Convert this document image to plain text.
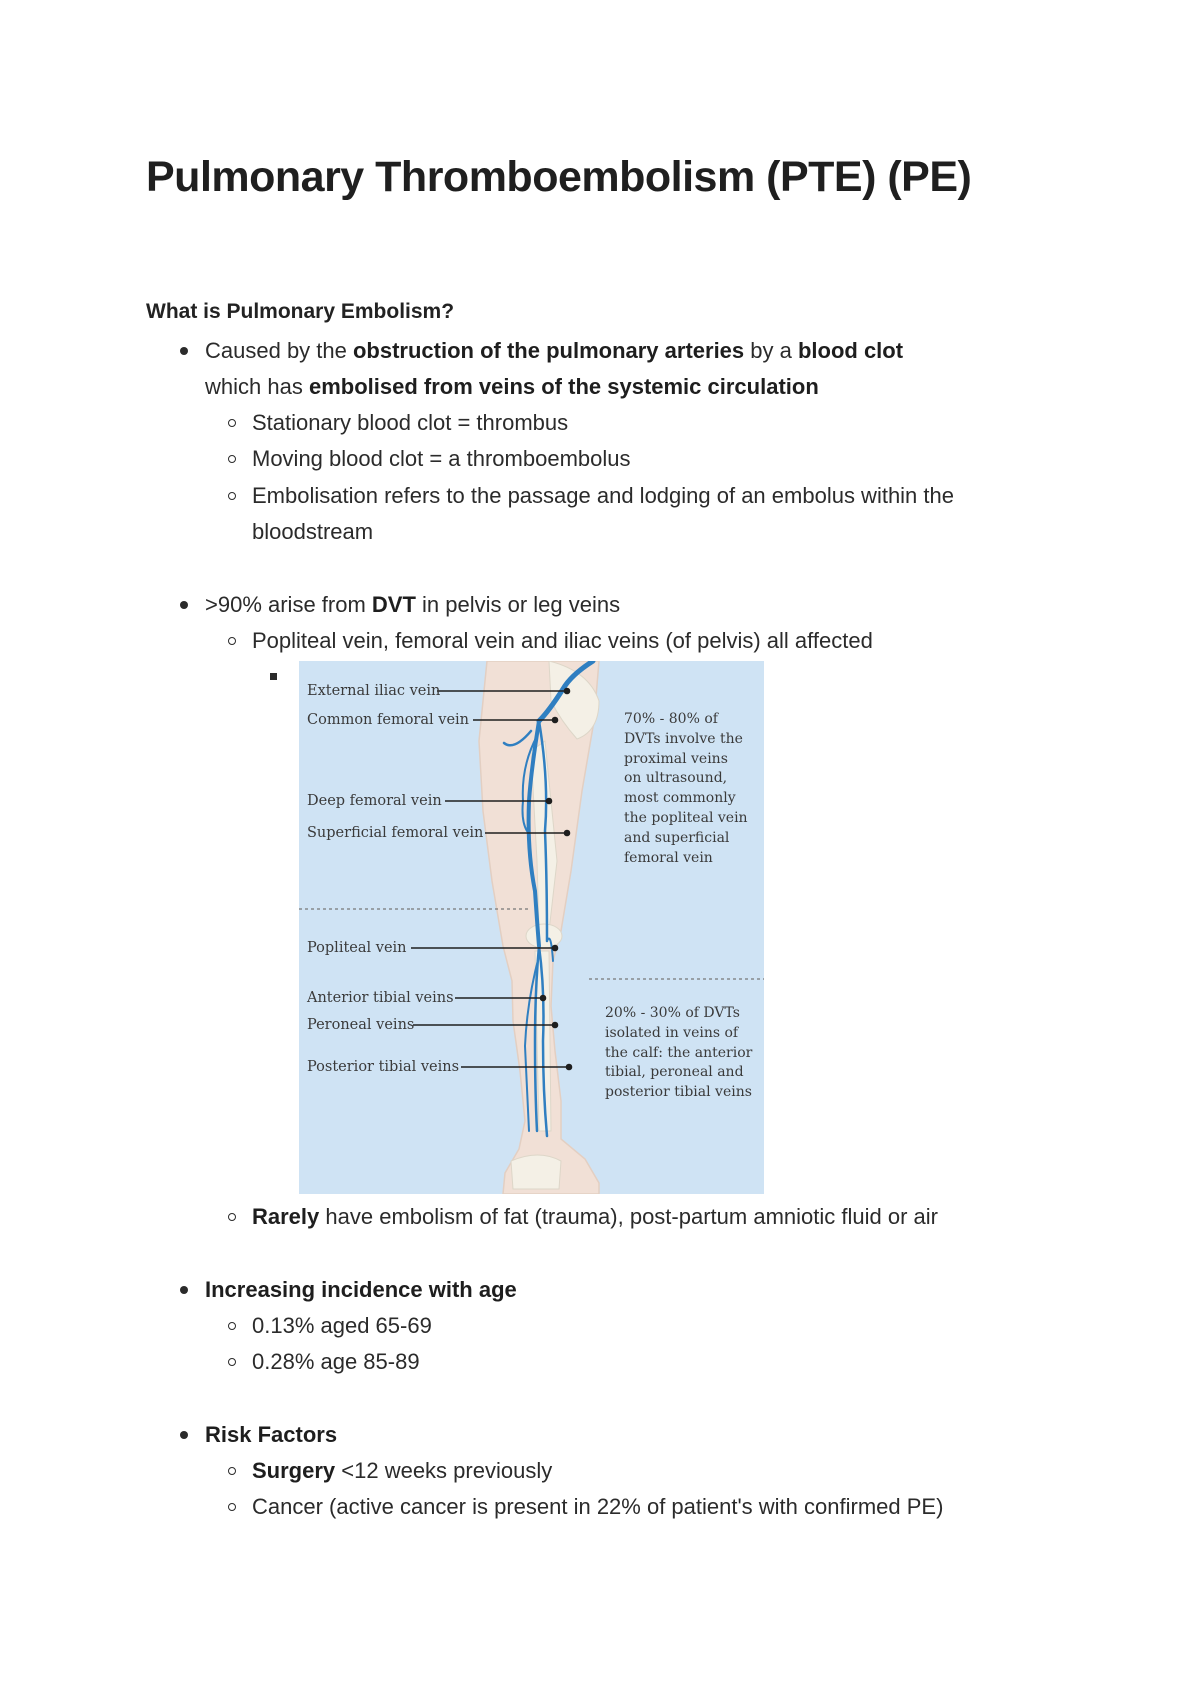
Pulmonary Thromboembolism (PTE) (PE)
What is Pulmonary Embolism?
Caused by the obstruction of the pulmonary arteries by a blood clot
which has embolised from veins of the systemic circulation
Stationary blood clot = thrombus
Moving blood clot = a thromboembolus
Embolisation refers to the passage and lodging of an embolus within the
bloodstream
>90% arise from DVT in pelvis or leg veins
Popliteal vein, femoral vein and iliac veins (of pelvis) all affected
External iliac vein
Common femoral vein
Deep femoral vein
Superficial femoral vein
Popliteal vein
Anterior tibial veins
Peroneal veins
Posterior tibial veins
70% - 80% of
DVTs involve the
proximal veins
on ultrasound,
most commonly
the popliteal vein
and superficial
femoral vein
20% - 30% of DVTs
isolated in veins of
the calf: the anterior
tibial, peroneal and
posterior tibial veins
Rarely have embolism of fat (trauma), post-partum amniotic fluid or air
Increasing incidence with age
0.13% aged 65-69
0.28% age 85-89
Risk Factors
Surgery <12 weeks previously
Cancer (active cancer is present in 22% of patient's with confirmed PE)
